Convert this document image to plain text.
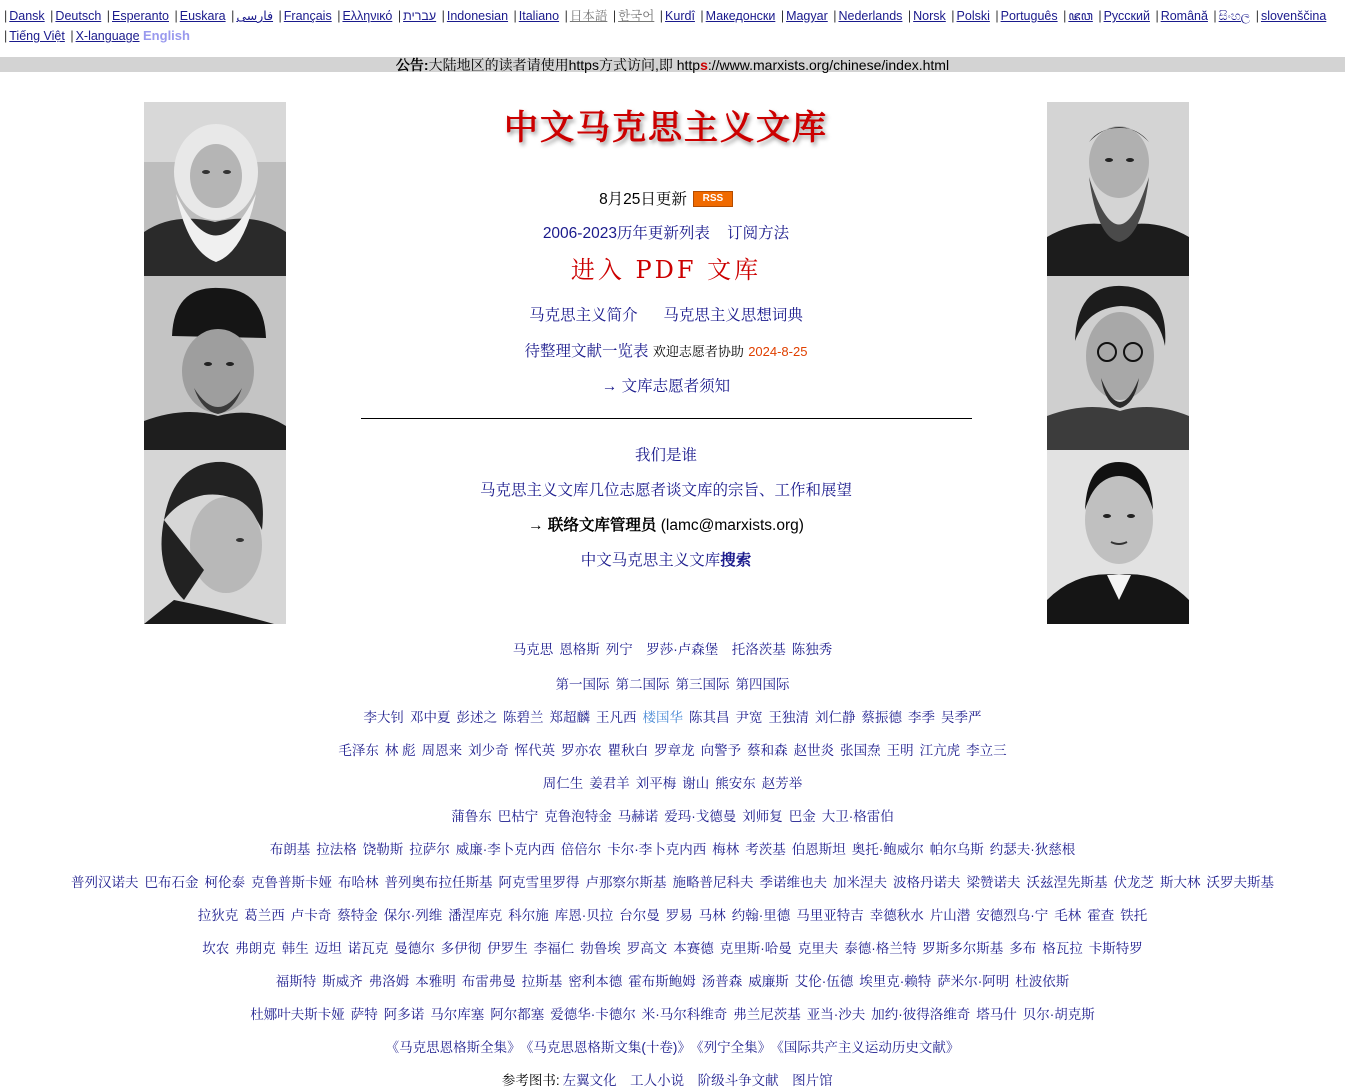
| Dansk | Deutsch | Esperanto | Euskara | فارسی | Français | Ελληνικό | עברית | Indonesian | Italiano | 日本語 | 한국어 | Kurdî | Македонски | Magyar | Nederlands | Norsk | Polski | Português | ꦗꦮ | Русский | Română | සිංහල | slovenščina
| Tiếng Việt | X-language English
公告:大陆地区的读者请使用https方式访问,即 https://www.marxists.org/chinese/index.html
中文马克思主义文库
8月25日更新 RSS
2006-2023历年更新列表 订阅方法
进入 PDF 文库
马克思主义简介 马克思主义思想词典
待整理文献一览表 欢迎志愿者协助 2024-8-25
→ 文库志愿者须知
我们是谁
马克思主义文库几位志愿者谈文库的宗旨、工作和展望
→ 联络文库管理员 (lamc@marxists.org)
中文马克思主义文库搜索
马克思 恩格斯 列宁 罗莎·卢森堡 托洛茨基 陈独秀
第一国际 第二国际 第三国际 第四国际
李大钊 邓中夏 彭述之 陈碧兰 郑超麟 王凡西 楼国华 陈其昌 尹宽 王独清 刘仁静 蔡振德 李季 吴季严
毛泽东 林 彪 周恩来 刘少奇 恽代英 罗亦农 瞿秋白 罗章龙 向警予 蔡和森 赵世炎 张国焘 王明 江亢虎 李立三
周仁生 姜君羊 刘平梅 谢山 熊安东 赵芳举
蒲鲁东 巴枯宁 克鲁泡特金 马赫诺 爱玛·戈德曼 刘师复 巴金 大卫·格雷伯
布朗基 拉法格 饶勒斯 拉萨尔 威廉·李卜克内西 倍倍尔 卡尔·李卜克内西 梅林 考茨基 伯恩斯坦 奥托·鲍威尔 帕尔乌斯 约瑟夫·狄慈根
普列汉诺夫 巴布石金 柯伦泰 克鲁普斯卡娅 布哈林 普列奥布拉任斯基 阿克雪里罗得 卢那察尔斯基 施略普尼科夫 季诺维也夫 加米涅夫 波格丹诺夫 梁赞诺夫 沃兹涅先斯基 伏龙芝 斯大林 沃罗夫斯基
拉狄克 葛兰西 卢卡奇 蔡特金 保尔·列维 潘涅库克 科尔施 库恩·贝拉 台尔曼 罗易 马林 约翰·里德 马里亚特吉 幸德秋水 片山潜 安德烈乌·宁 毛林 霍查 铁托
坎农 弗朗克 韩生 迈坦 诺瓦克 曼德尔 多伊彻 伊罗生 李福仁 勃鲁埃 罗高文 本赛德 克里斯·哈曼 克里夫 泰德·格兰特 罗斯多尔斯基 多布 格瓦拉 卡斯特罗
福斯特 斯威齐 弗洛姆 本雅明 布雷弗曼 拉斯基 密利本德 霍布斯鲍姆 汤普森 威廉斯 艾伦·伍德 埃里克·赖特 萨米尔·阿明 杜波依斯
杜娜叶夫斯卡娅 萨特 阿多诺 马尔库塞 阿尔都塞 爱德华·卡德尔 米·马尔科维奇 弗兰尼茨基 亚当·沙夫 加约·彼得洛维奇 塔马什 贝尔·胡克斯
《马克思恩格斯全集》 《马克思恩格斯文集(十卷)》 《列宁全集》 《国际共产主义运动历史文献》
参考图书: 左翼文化 工人小说 阶级斗争文献 图片馆
